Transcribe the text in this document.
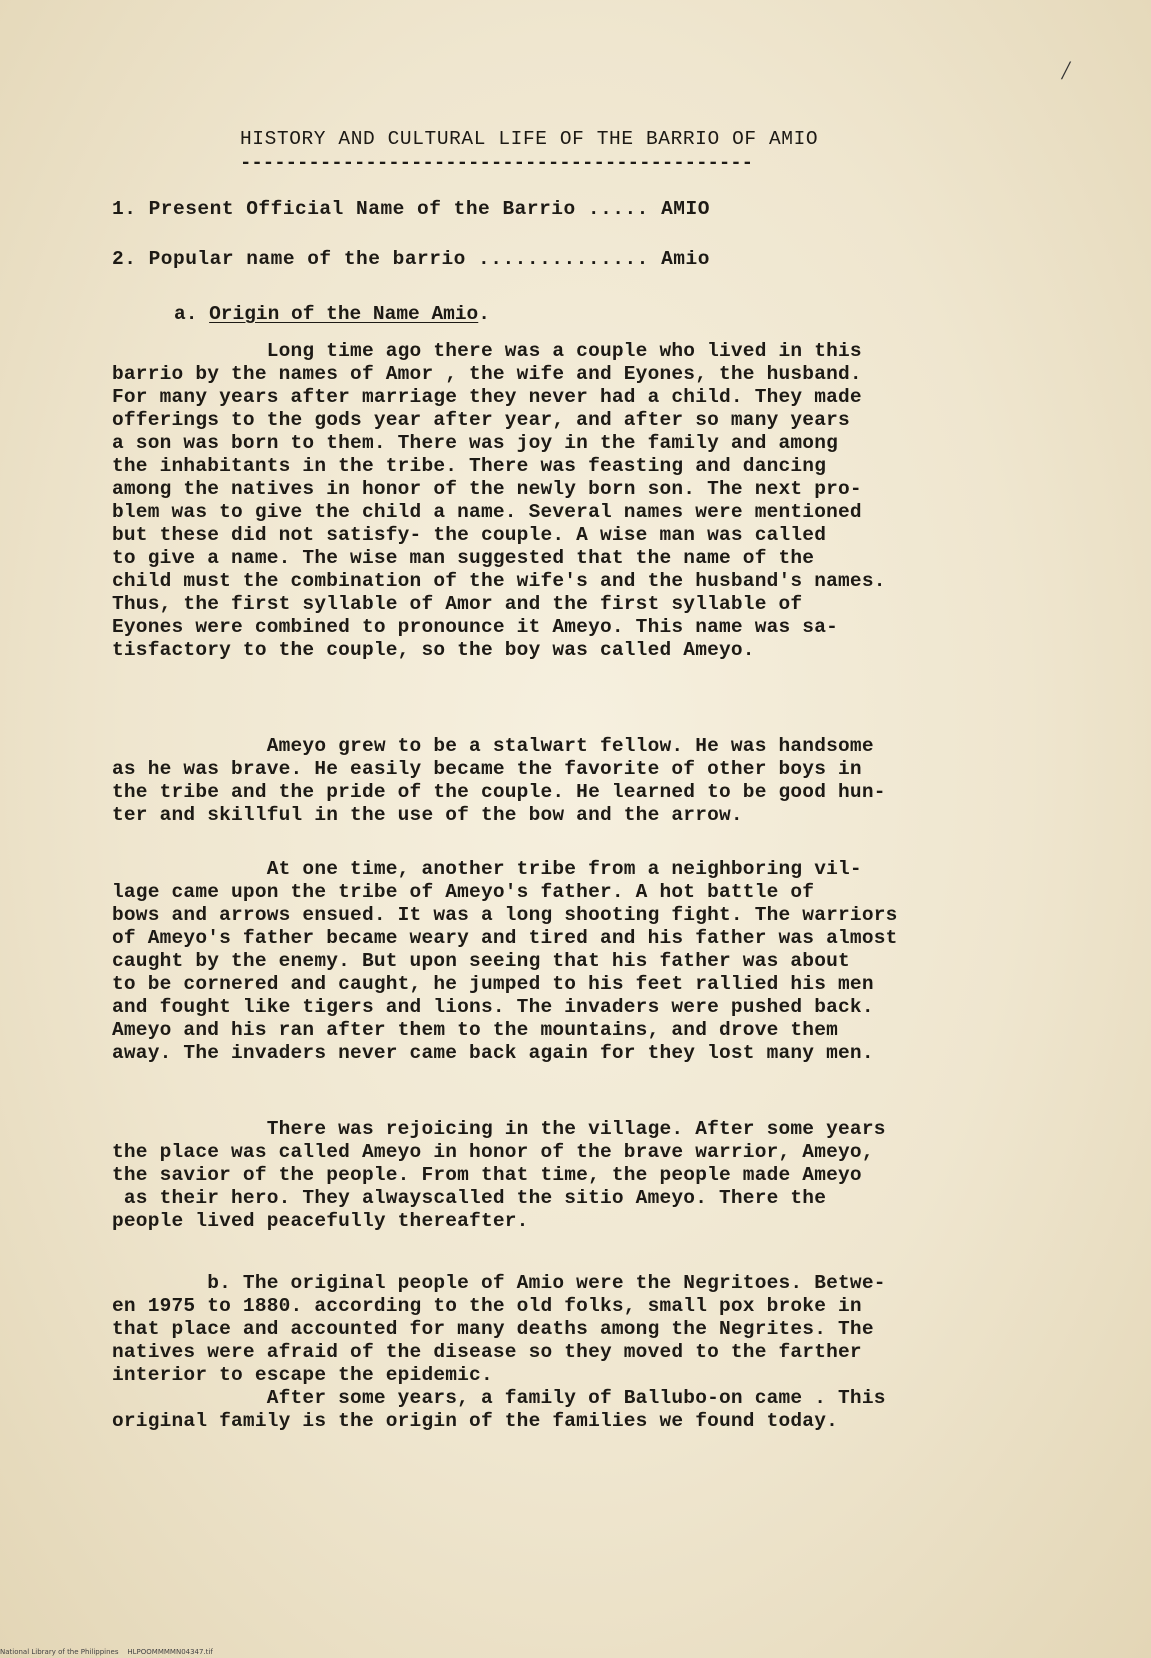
/
HISTORY AND CULTURAL LIFE OF THE BARRIO OF AMIO
---------------------------------------------
1. Present Official Name of the Barrio ..... AMIO
2. Popular name of the barrio .............. Amio
a. Origin of the Name Amio.
Long time ago there was a couple who lived in this
barrio by the names of Amor , the wife and Eyones, the husband.
For many years after marriage they never had a child. They made
offerings to the gods year after year, and after so many years
a son was born to them. There was joy in the family and among
the inhabitants in the tribe. There was feasting and dancing
among the natives in honor of the newly born son. The next pro-
blem was to give the child a name. Several names were mentioned
but these did not satisfy- the couple. A wise man was called
to give a name. The wise man suggested that the name of the
child must the combination of the wife's and the husband's names.
Thus, the first syllable of Amor and the first syllable of
Eyones were combined to pronounce it Ameyo. This name was sa-
tisfactory to the couple, so the boy was called Ameyo.
Ameyo grew to be a stalwart fellow. He was handsome
as he was brave. He easily became the favorite of other boys in
the tribe and the pride of the couple. He learned to be good hun-
ter and skillful in the use of the bow and the arrow.
At one time, another tribe from a neighboring vil-
lage came upon the tribe of Ameyo's father. A hot battle of
bows and arrows ensued. It was a long shooting fight. The warriors
of Ameyo's father became weary and tired and his father was almost
caught by the enemy. But upon seeing that his father was about
to be cornered and caught, he jumped to his feet rallied his men
and fought like tigers and lions. The invaders were pushed back.
Ameyo and his ran after them to the mountains, and drove them
away. The invaders never came back again for they lost many men.
There was rejoicing in the village. After some years
the place was called Ameyo in honor of the brave warrior, Ameyo,
the savior of the people. From that time, the people made Ameyo
as their hero. They alwayscalled the sitio Ameyo. There the
people lived peacefully thereafter.
b. The original people of Amio were the Negritoes. Betwe-
en 1975 to 1880. according to the old folks, small pox broke in
that place and accounted for many deaths among the Negrites. The
natives were afraid of the disease so they moved to the farther
interior to escape the epidemic.
After some years, a family of Ballubo-on came . This
original family is the origin of the families we found today.
National Library of the Philippines    HLPOOMMMMN04347.tif
